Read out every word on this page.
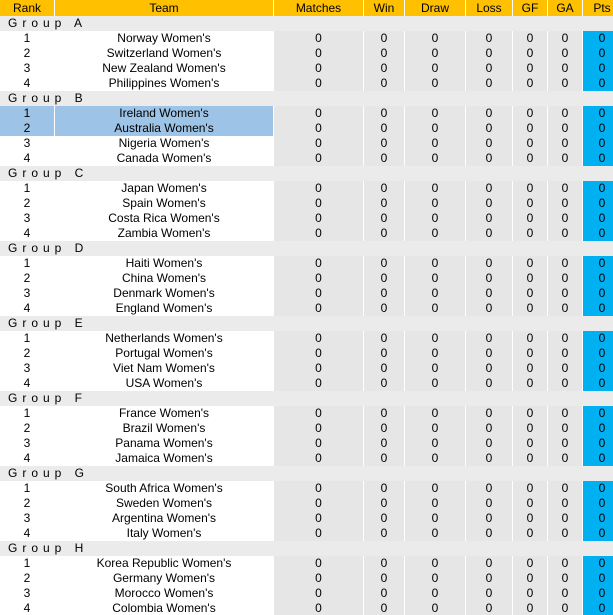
Rank	Team	Matches	Win	Draw	Loss	GF	GA	Pts
Group A								
1	Norway Women's	0	0	0	0	0	0	0
2	Switzerland Women's	0	0	0	0	0	0	0
3	New Zealand Women's	0	0	0	0	0	0	0
4	Philippines Women's	0	0	0	0	0	0	0
Group B								
1	Ireland Women's	0	0	0	0	0	0	0
2	Australia Women's	0	0	0	0	0	0	0
3	Nigeria Women's	0	0	0	0	0	0	0
4	Canada Women's	0	0	0	0	0	0	0
Group C								
1	Japan Women's	0	0	0	0	0	0	0
2	Spain Women's	0	0	0	0	0	0	0
3	Costa Rica Women's	0	0	0	0	0	0	0
4	Zambia Women's	0	0	0	0	0	0	0
Group D								
1	Haiti Women's	0	0	0	0	0	0	0
2	China Women's	0	0	0	0	0	0	0
3	Denmark Women's	0	0	0	0	0	0	0
4	England Women's	0	0	0	0	0	0	0
Group E								
1	Netherlands Women's	0	0	0	0	0	0	0
2	Portugal Women's	0	0	0	0	0	0	0
3	Viet Nam Women's	0	0	0	0	0	0	0
4	USA Women's	0	0	0	0	0	0	0
Group F								
1	France Women's	0	0	0	0	0	0	0
2	Brazil Women's	0	0	0	0	0	0	0
3	Panama Women's	0	0	0	0	0	0	0
4	Jamaica Women's	0	0	0	0	0	0	0
Group G								
1	South Africa Women's	0	0	0	0	0	0	0
2	Sweden Women's	0	0	0	0	0	0	0
3	Argentina Women's	0	0	0	0	0	0	0
4	Italy Women's	0	0	0	0	0	0	0
Group H								
1	Korea Republic Women's	0	0	0	0	0	0	0
2	Germany Women's	0	0	0	0	0	0	0
3	Morocco Women's	0	0	0	0	0	0	0
4	Colombia Women's	0	0	0	0	0	0	0
